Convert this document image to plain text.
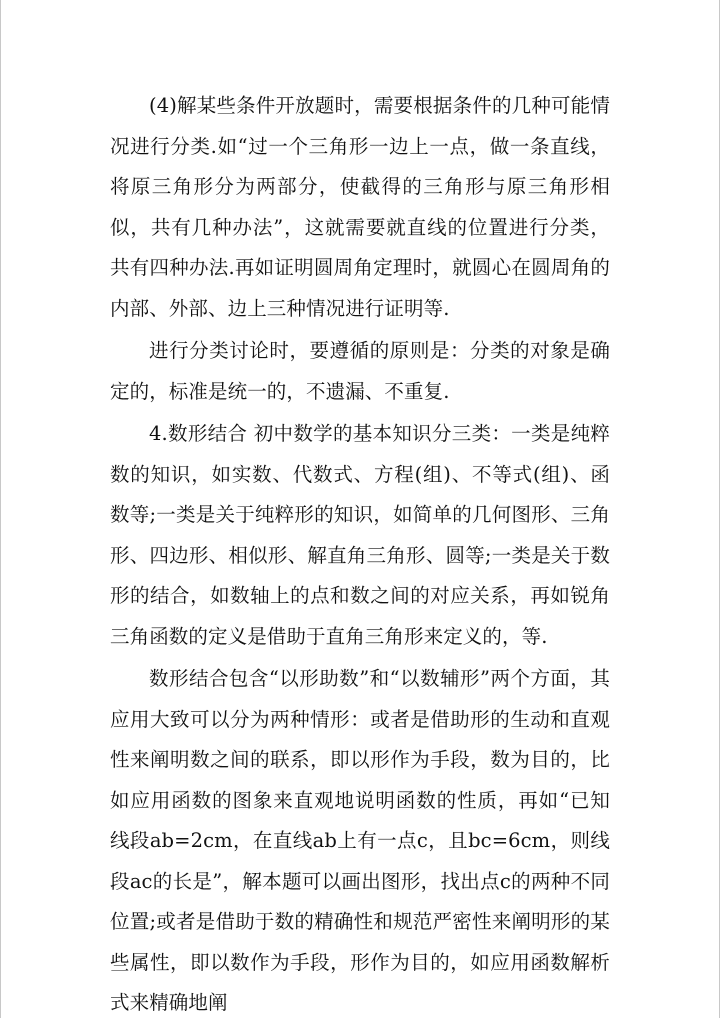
(4)解某些条件开放题时，需要根据条件的几种可能情况进行分类.如“过一个三角形一边上一点，做一条直线，将原三角形分为两部分，使截得的三角形与原三角形相似，共有几种办法”，这就需要就直线的位置进行分类，共有四种办法.再如证明圆周角定理时，就圆心在圆周角的内部、外部、边上三种情况进行证明等.

进行分类讨论时，要遵循的原则是：分类的对象是确定的，标准是统一的，不遗漏、不重复.

4.数形结合 初中数学的基本知识分三类：一类是纯粹数的知识，如实数、代数式、方程(组)、不等式(组)、函数等;一类是关于纯粹形的知识，如简单的几何图形、三角形、四边形、相似形、解直角三角形、圆等;一类是关于数形的结合，如数轴上的点和数之间的对应关系，再如锐角三角函数的定义是借助于直角三角形来定义的，等.

数形结合包含“以形助数”和“以数辅形”两个方面，其应用大致可以分为两种情形：或者是借助形的生动和直观性来阐明数之间的联系，即以形作为手段，数为目的，比如应用函数的图象来直观地说明函数的性质，再如“已知线段ab=2cm，在直线ab上有一点c，且bc=6cm，则线段ac的长是”，解本题可以画出图形，找出点c的两种不同位置;或者是借助于数的精确性和规范严密性来阐明形的某些属性，即以数作为手段，形作为目的，如应用函数解析式来精确地阐
